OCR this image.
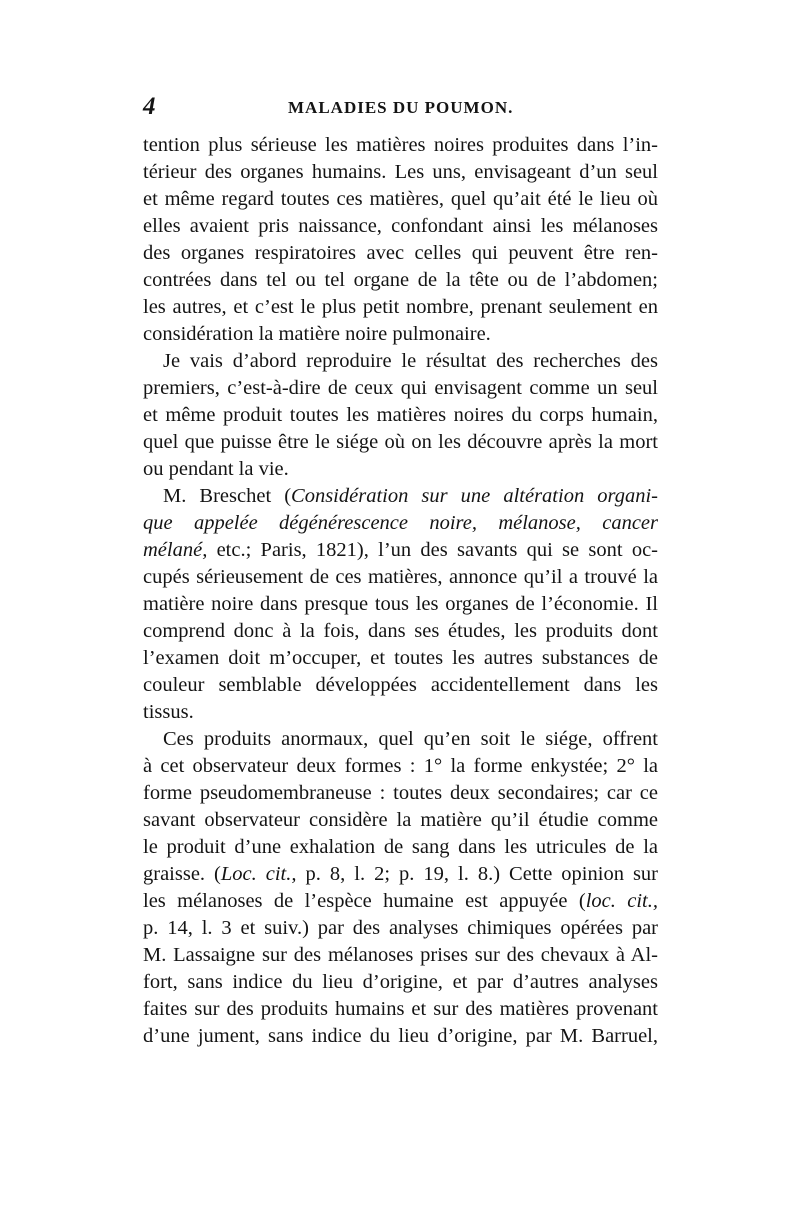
4	MALADIES DU POUMON.

tention plus sérieuse les matières noires produites dans l’in-
térieur des organes humains. Les uns, envisageant d’un seul
et même regard toutes ces matières, quel qu’ait été le lieu où
elles avaient pris naissance, confondant ainsi les mélanoses
des organes respiratoires avec celles qui peuvent être ren-
contrées dans tel ou tel organe de la tête ou de l’abdomen;
les autres, et c’est le plus petit nombre, prenant seulement en
considération la matière noire pulmonaire.

Je vais d’abord reproduire le résultat des recherches des
premiers, c’est-à-dire de ceux qui envisagent comme un seul
et même produit toutes les matières noires du corps humain,
quel que puisse être le siége où on les découvre après la mort
ou pendant la vie.

M. Breschet (Considération sur une altération organi-
que appelée dégénérescence noire, mélanose, cancer
mélané, etc.; Paris, 1821), l’un des savants qui se sont oc-
cupés sérieusement de ces matières, annonce qu’il a trouvé la
matière noire dans presque tous les organes de l’économie. Il
comprend donc à la fois, dans ses études, les produits dont
l’examen doit m’occuper, et toutes les autres substances de
couleur semblable développées accidentellement dans les
tissus.

Ces produits anormaux, quel qu’en soit le siége, offrent
à cet observateur deux formes : 1° la forme enkystée; 2° la
forme pseudomembraneuse : toutes deux secondaires; car ce
savant observateur considère la matière qu’il étudie comme
le produit d’une exhalation de sang dans les utricules de la
graisse. (Loc. cit., p. 8, l. 2; p. 19, l. 8.) Cette opinion sur
les mélanoses de l’espèce humaine est appuyée (loc. cit.,
p. 14, l. 3 et suiv.) par des analyses chimiques opérées par
M. Lassaigne sur des mélanoses prises sur des chevaux à Al-
fort, sans indice du lieu d’origine, et par d’autres analyses
faites sur des produits humains et sur des matières provenant
d’une jument, sans indice du lieu d’origine, par M. Barruel,
